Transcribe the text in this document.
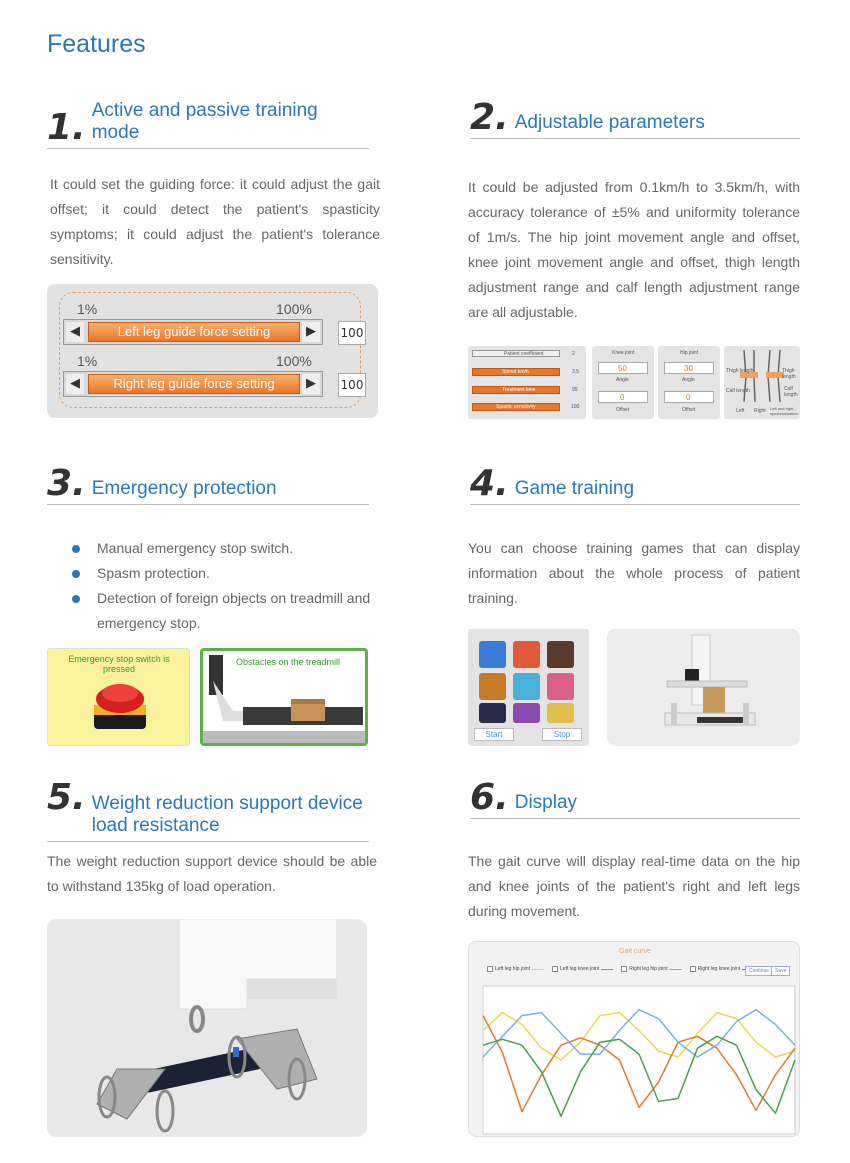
Features
1. Active and passive training mode
It could set the guiding force: it could adjust the gait offset; it could detect the patient's spasticity symptoms; it could adjust the patient's tolerance sensitivity.
1%	100%
◀	Left leg guide force setting	▶	100
1%	100%
◀	Right leg guide force setting	▶	100
2. Adjustable parameters
It could be adjusted from 0.1km/h to 3.5km/h, with accuracy tolerance of ±5% and uniformity tolerance of 1m/s. The hip joint movement angle and offset, knee joint movement angle and offset, thigh length adjustment range and calf length adjustment range are all adjustable.
Patient coefficient	2
Speed km/h	3.5
Treatment time	99
Spastic sensitivity	100
Knee joint
50
Angle
0
Offset
Hip joint
30
Angle
0
Offset
Thigh length	Thigh length
Calf length	Calf length
Left Right Left and right synchronization
3. Emergency protection
Manual emergency stop switch.
Spasm protection.
Detection of foreign objects on treadmill and emergency stop.
Emergency stop switch is pressed
Obstacles on the treadmill
4. Game training
You can choose training games that can display information about the whole process of patient training.
Start	Stop
5. Weight reduction support device load resistance
The weight reduction support device should be able to withstand 135kg of load operation.
6. Display
The gait curve will display real-time data on the hip and knee joints of the patient's right and left legs during movement.
Gait curve
Left leg hip joint	Left leg knee joint	Right leg hip joint	Right leg knee joint	Continue	Save
